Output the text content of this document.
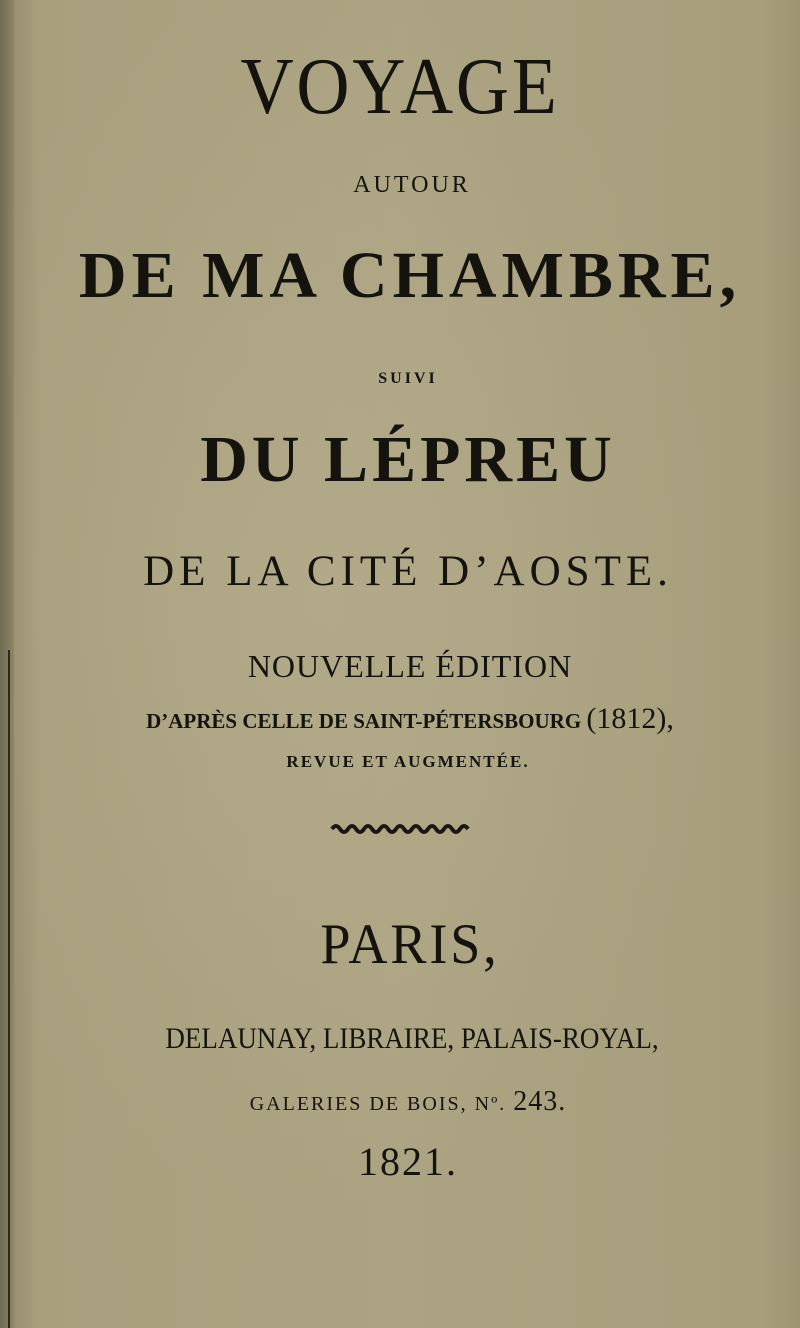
VOYAGE
AUTOUR
DE MA CHAMBRE,
SUIVI
DU LÉPREU
DE LA CITÉ D’AOSTE.
NOUVELLE ÉDITION
D’APRÈS CELLE DE SAINT-PÉTERSBOURG (1812),
REVUE ET AUGMENTÉE.
PARIS,
DELAUNAY, LIBRAIRE, PALAIS-ROYAL,
GALERIES DE BOIS, Nº. 243.
1821.
